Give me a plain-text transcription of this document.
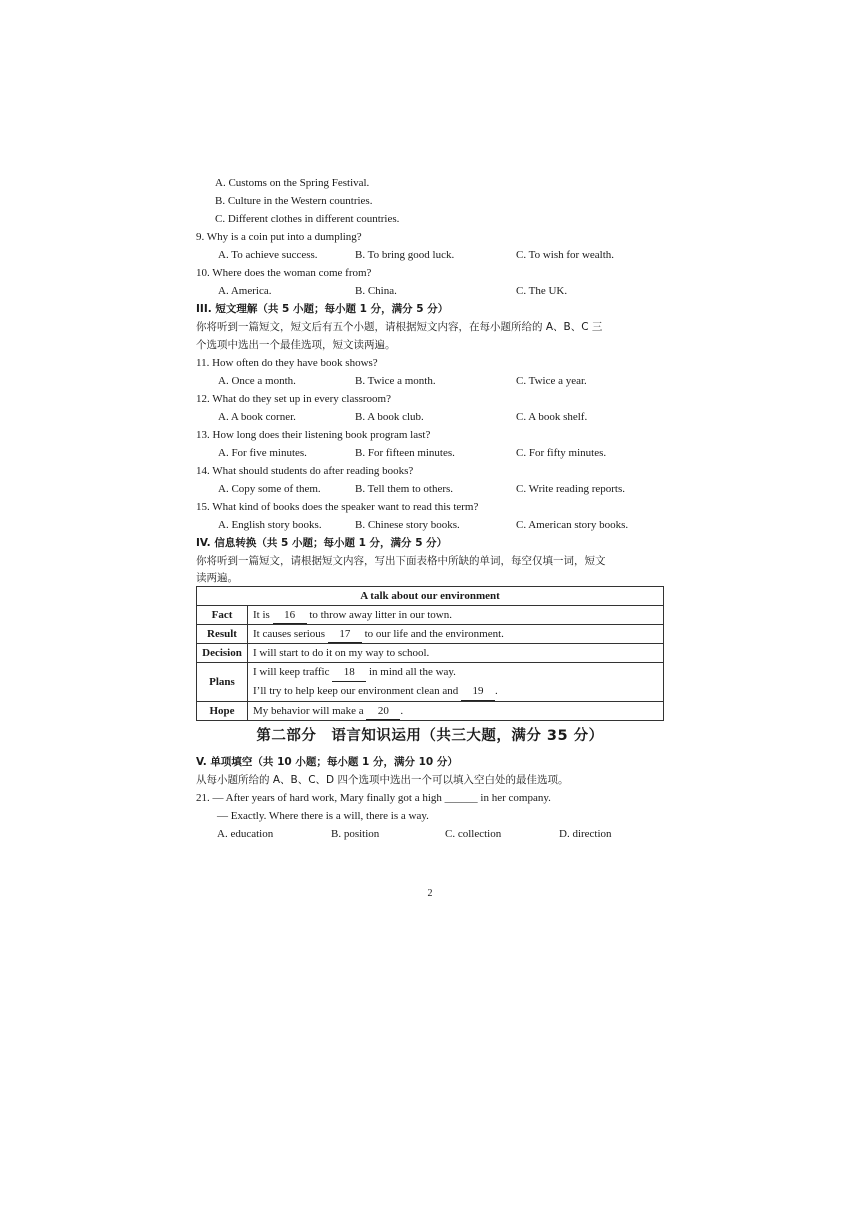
A. Customs on the Spring Festival.
B. Culture in the Western countries.
C. Different clothes in different countries.
9. Why is a coin put into a dumpling?
A. To achieve success.	B. To bring good luck.	C. To wish for wealth.
10. Where does the woman come from?
A. America.	B. China.	C. The UK.
III. 短文理解（共 5 小题；每小题 1 分，满分 5 分）
你将听到一篇短文，短文后有五个小题，请根据短文内容，在每小题所给的 A、B、C 三
个选项中选出一个最佳选项，短文读两遍。
11. How often do they have book shows?
A. Once a month.	B. Twice a month.	C. Twice a year.
12. What do they set up in every classroom?
A. A book corner.	B. A book club.	C. A book shelf.
13. How long does their listening book program last?
A. For five minutes.	B. For fifteen minutes.	C. For fifty minutes.
14. What should students do after reading books?
A. Copy some of them.	B. Tell them to others.	C. Write reading reports.
15. What kind of books does the speaker want to read this term?
A. English story books.	B. Chinese story books.	C. American story books.
IV. 信息转换（共 5 小题；每小题 1 分，满分 5 分）
你将听到一篇短文，请根据短文内容，写出下面表格中所缺的单词，每空仅填一词，短文
读两遍。
A talk about our environment	
Fact	It is 16 to throw away litter in our town.
Result	It causes serious 17 to our life and the environment.
Decision	I will start to do it on my way to school.
Plans	I will keep traffic 18 in mind all the way.
I’ll try to help keep our environment clean and 19 .

Hope	My behavior will make a 20 .
第二部分　语言知识运用（共三大题，满分 35 分）
V. 单项填空（共 10 小题；每小题 1 分，满分 10 分）
从每小题所给的 A、B、C、D 四个选项中选出一个可以填入空白处的最佳选项。
21. — After years of hard work, Mary finally got a high ______ in her company.
— Exactly. Where there is a will, there is a way.
A. education	B. position	C. collection	D. direction
2
